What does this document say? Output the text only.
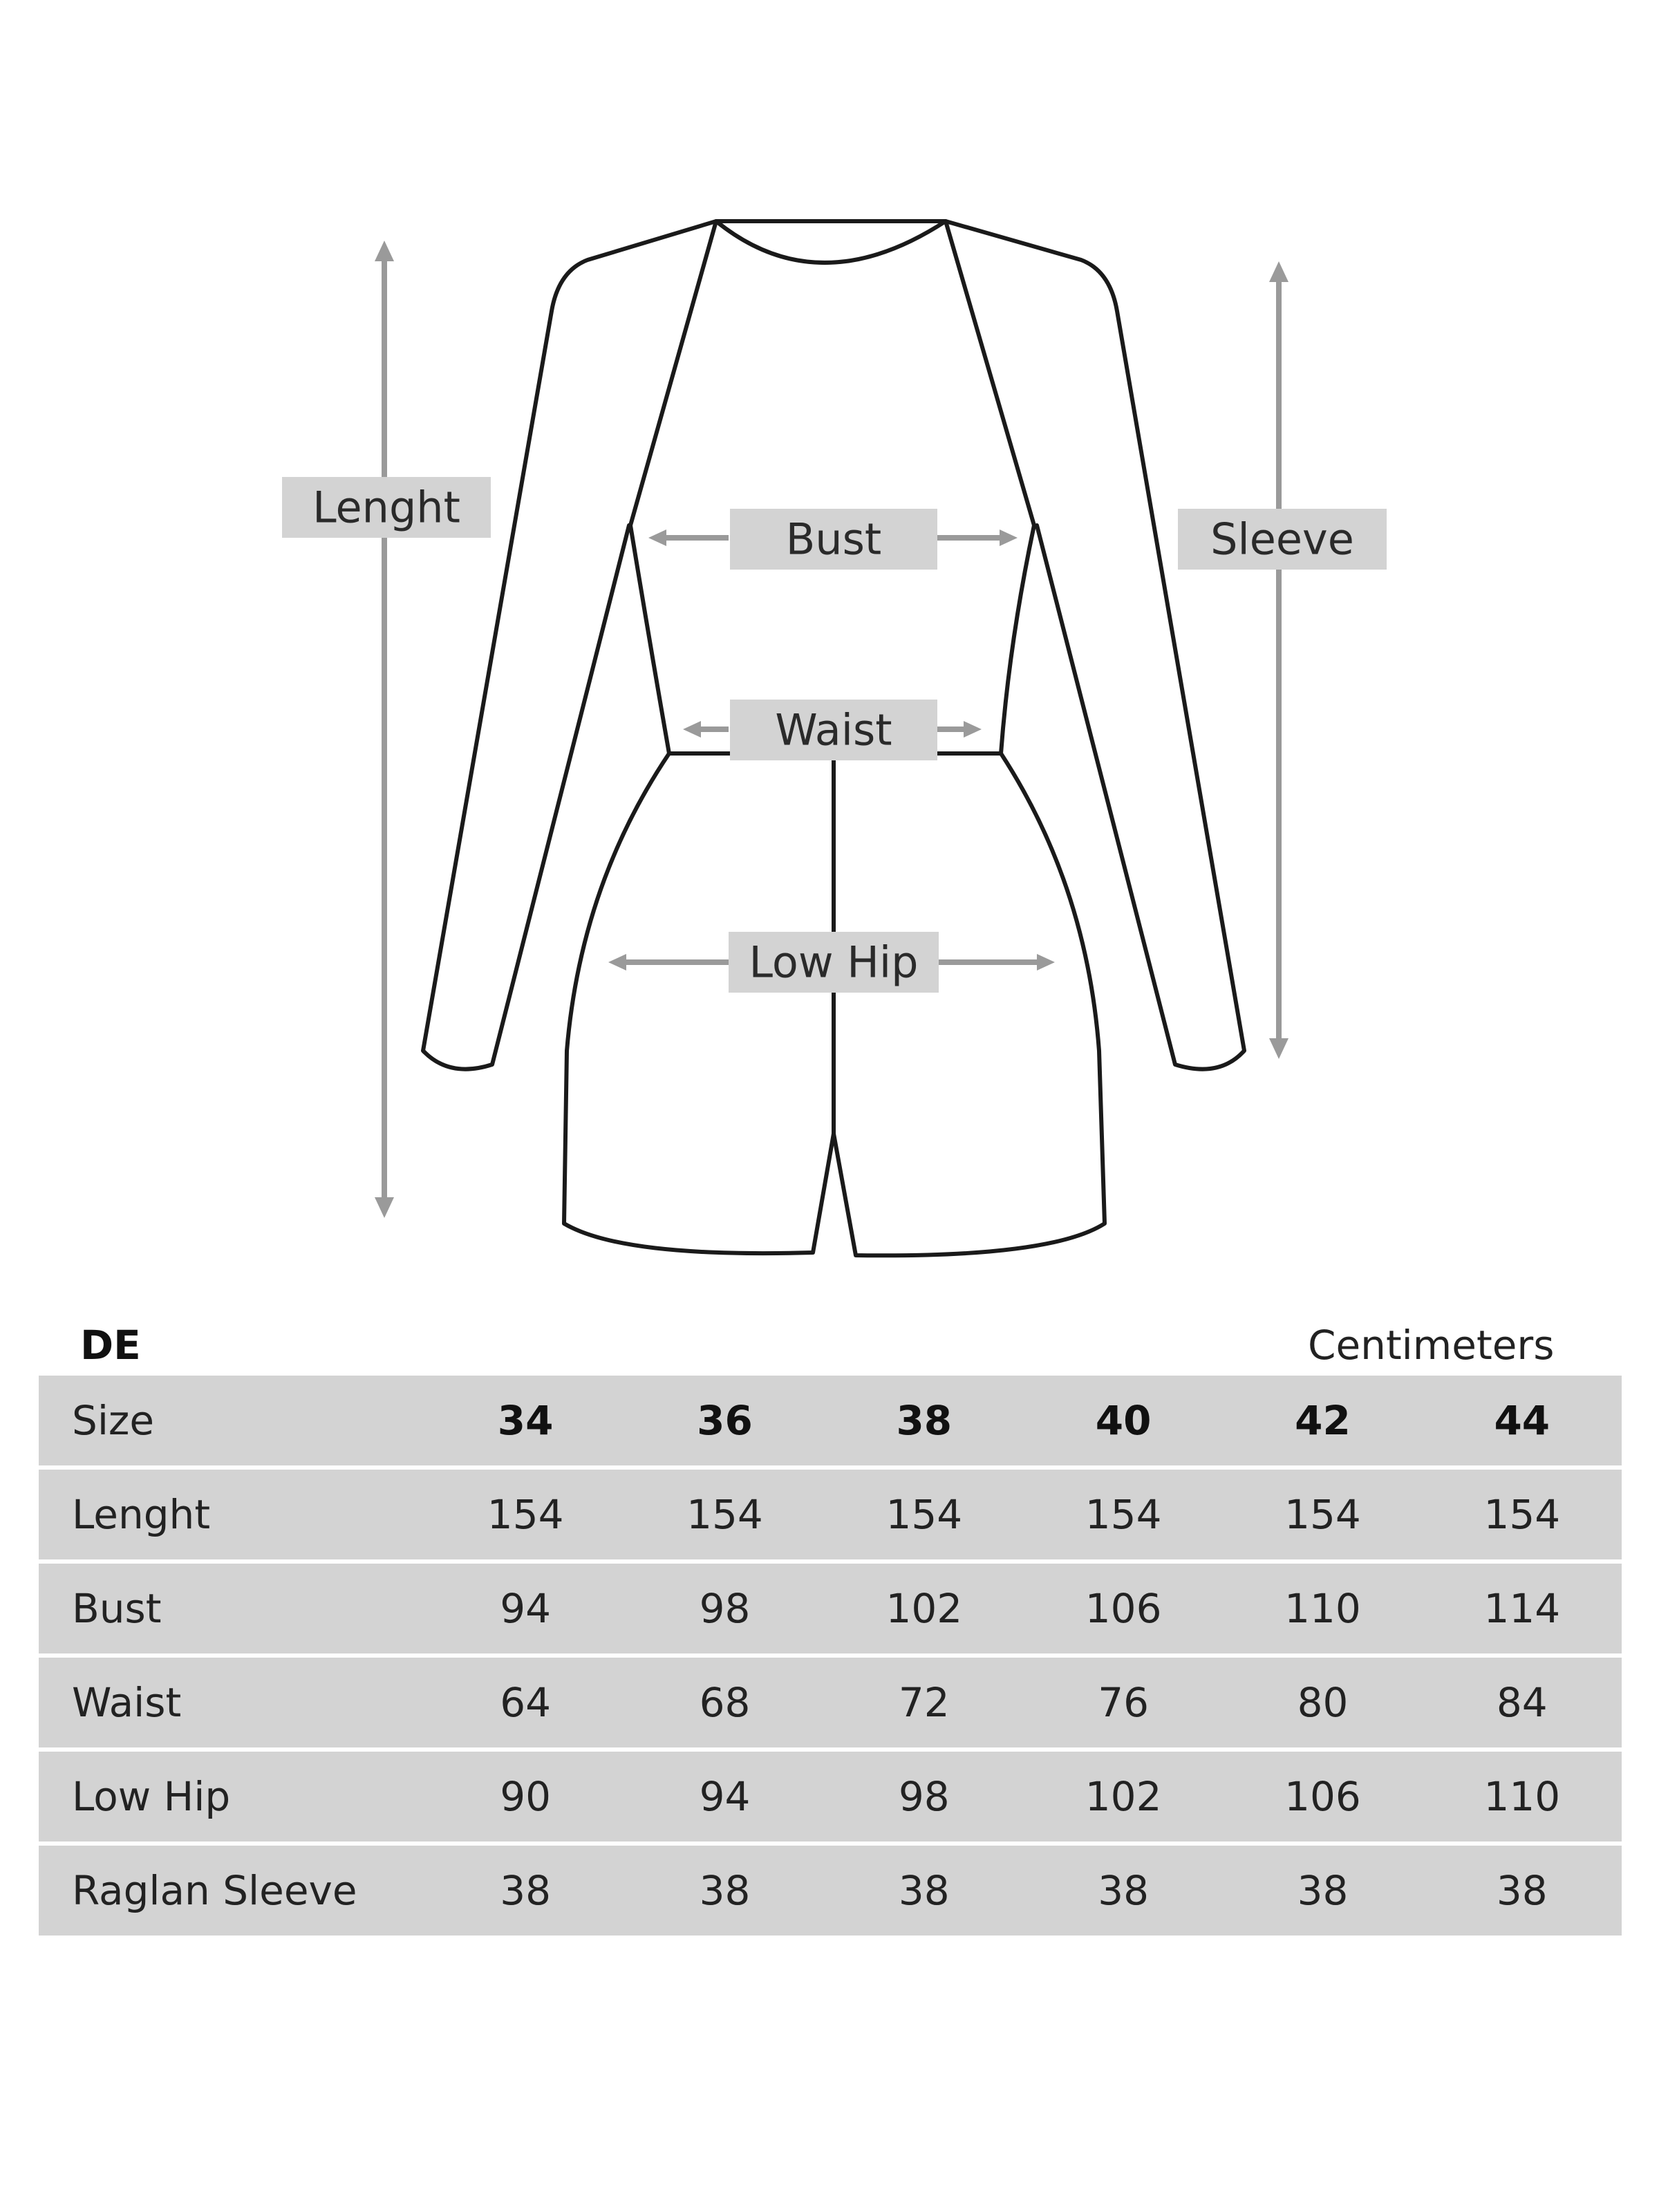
Lenght
Sleeve
Bust
Waist
Low Hip
DE	Centimeters
Size	34	36	38	40	42	44
Lenght	154	154	154	154	154	154
Bust	94	98	102	106	110	114
Waist	64	68	72	76	80	84
Low Hip	90	94	98	102	106	110
Raglan Sleeve	38	38	38	38	38	38
